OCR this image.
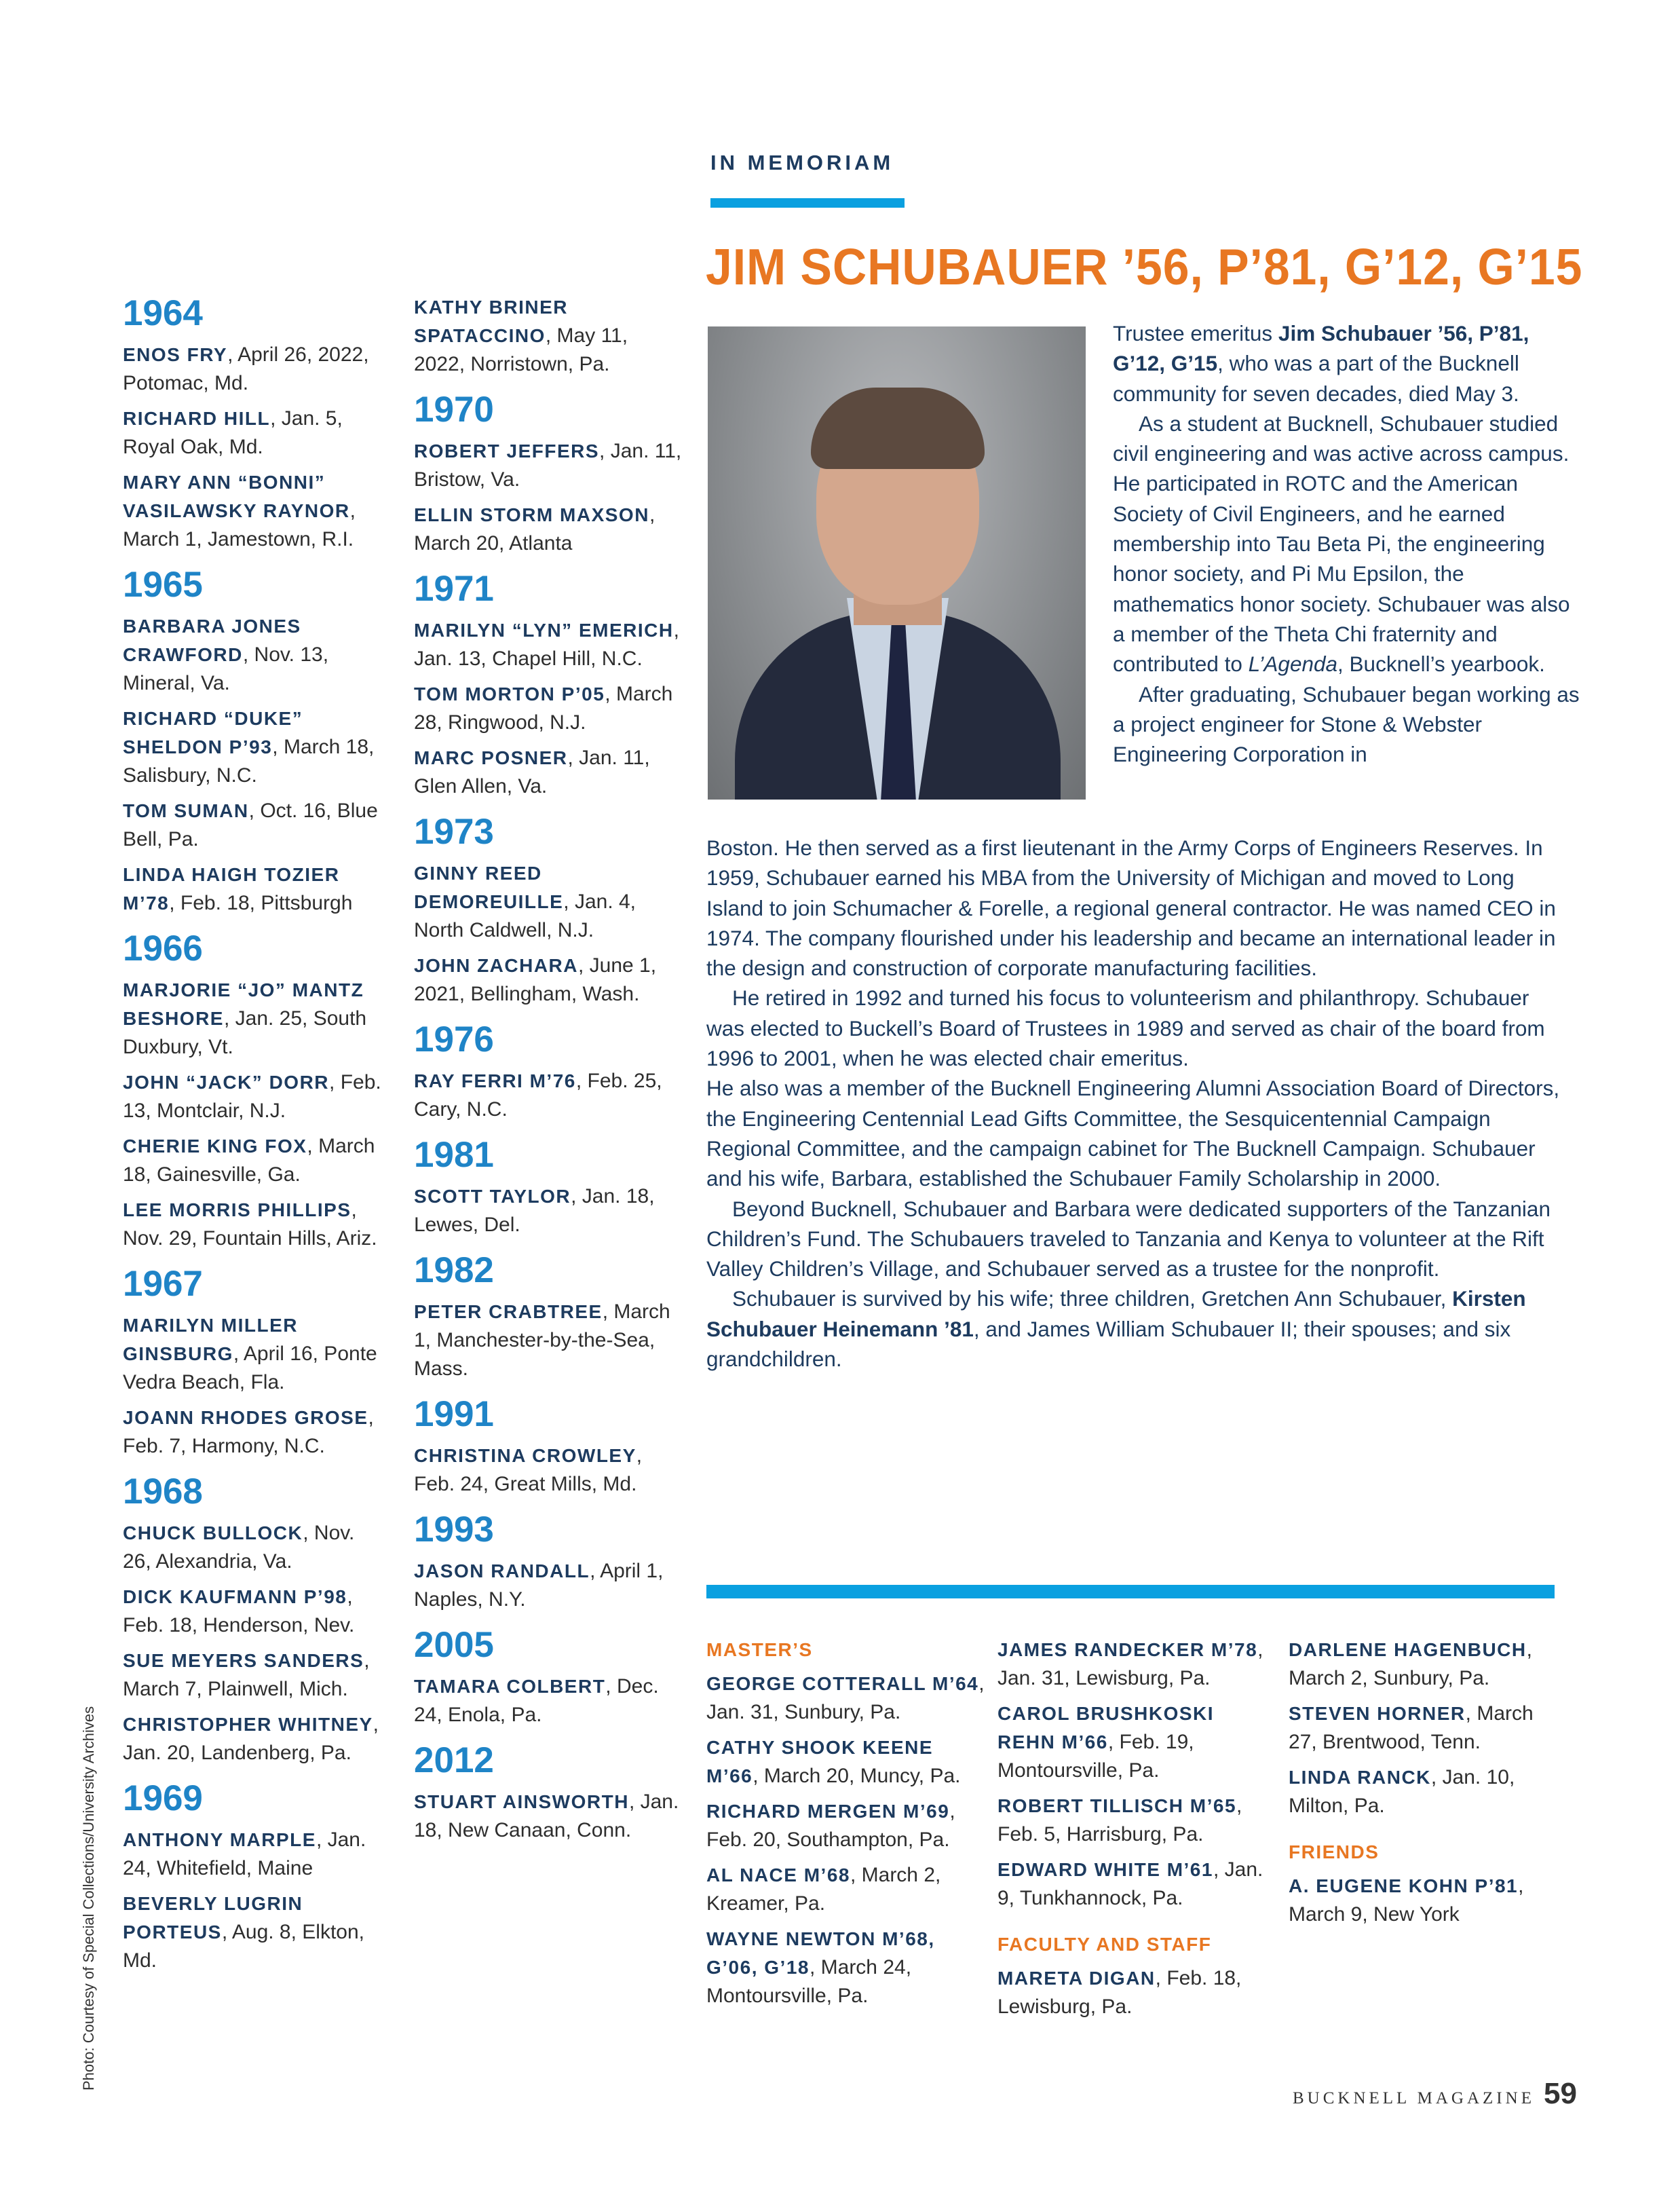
IN MEMORIAM
JIM SCHUBAUER ’56, P’81, G’12, G’15
1964
ENOS FRY, April 26, 2022, Potomac, Md.
RICHARD HILL, Jan. 5, Royal Oak, Md.
MARY ANN “BONNI” VASILAWSKY RAYNOR, March 1, Jamestown, R.I.
1965
BARBARA JONES CRAWFORD, Nov. 13, Mineral, Va.
RICHARD “DUKE” SHELDON P’93, March 18, Salisbury, N.C.
TOM SUMAN, Oct. 16, Blue Bell, Pa.
LINDA HAIGH TOZIER M’78, Feb. 18, Pittsburgh
1966
MARJORIE “JO” MANTZ BESHORE, Jan. 25, South Duxbury, Vt.
JOHN “JACK” DORR, Feb. 13, Montclair, N.J.
CHERIE KING FOX, March 18, Gainesville, Ga.
LEE MORRIS PHILLIPS, Nov. 29, Fountain Hills, Ariz.
1967
MARILYN MILLER GINSBURG, April 16, Ponte Vedra Beach, Fla.
JOANN RHODES GROSE, Feb. 7, Harmony, N.C.
1968
CHUCK BULLOCK, Nov. 26, Alexandria, Va.
DICK KAUFMANN P’98, Feb. 18, Henderson, Nev.
SUE MEYERS SANDERS, March 7, Plainwell, Mich.
CHRISTOPHER WHITNEY, Jan. 20, Landenberg, Pa.
1969
ANTHONY MARPLE, Jan. 24, Whitefield, Maine
BEVERLY LUGRIN PORTEUS, Aug. 8, Elkton, Md.
KATHY BRINER SPATACCINO, May 11, 2022, Norristown, Pa.
1970
ROBERT JEFFERS, Jan. 11, Bristow, Va.
ELLIN STORM MAXSON, March 20, Atlanta
1971
MARILYN “LYN” EMERICH, Jan. 13, Chapel Hill, N.C.
TOM MORTON P’05, March 28, Ringwood, N.J.
MARC POSNER, Jan. 11, Glen Allen, Va.
1973
GINNY REED DEMOREUILLE, Jan. 4, North Caldwell, N.J.
JOHN ZACHARA, June 1, 2021, Bellingham, Wash.
1976
RAY FERRI M’76, Feb. 25, Cary, N.C.
1981
SCOTT TAYLOR, Jan. 18, Lewes, Del.
1982
PETER CRABTREE, March 1, Manchester-by-the-Sea, Mass.
1991
CHRISTINA CROWLEY, Feb. 24, Great Mills, Md.
1993
JASON RANDALL, April 1, Naples, N.Y.
2005
TAMARA COLBERT, Dec. 24, Enola, Pa.
2012
STUART AINSWORTH, Jan. 18, New Canaan, Conn.

Trustee emeritus Jim Schubauer ’56, P’81, G’12, G’15, who was a part of the Bucknell community for seven decades, died May 3.

As a student at Bucknell, Schubauer studied civil engineering and was active across campus. He participated in ROTC and the American Society of Civil Engineers, and he earned membership into Tau Beta Pi, the engineering honor society, and Pi Mu Epsilon, the mathematics honor society. Schubauer was also a member of the Theta Chi fraternity and contributed to L’Agenda, Bucknell’s yearbook.

After graduating, Schubauer began working as a project engineer for Stone & Webster Engineering Corporation in

Boston. He then served as a first lieutenant in the Army Corps of Engineers Reserves. In 1959, Schubauer earned his MBA from the University of Michigan and moved to Long Island to join Schumacher & Forelle, a regional general contractor. He was named CEO in 1974. The company flourished under his leadership and became an international leader in the design and construction of corporate manufacturing facilities.

He retired in 1992 and turned his focus to volunteerism and philanthropy. Schubauer was elected to Buckell’s Board of Trustees in 1989 and served as chair of the board from 1996 to 2001, when he was elected chair emeritus.

He also was a member of the Bucknell Engineering Alumni Association Board of Directors, the Engineering Centennial Lead Gifts Committee, the Sesquicentennial Campaign Regional Committee, and the campaign cabinet for The Bucknell Campaign. Schubauer and his wife, Barbara, established the Schubauer Family Scholarship in 2000.

Beyond Bucknell, Schubauer and Barbara were dedicated supporters of the Tanzanian Children’s Fund. The Schubauers traveled to Tanzania and Kenya to volunteer at the Rift Valley Children’s Village, and Schubauer served as a trustee for the nonprofit.

Schubauer is survived by his wife; three children, Gretchen Ann Schubauer, Kirsten Schubauer Heinemann ’81, and James William Schubauer II; their spouses; and six grandchildren.

MASTER’S
GEORGE COTTERALL M’64, Jan. 31, Sunbury, Pa.
CATHY SHOOK KEENE M’66, March 20, Muncy, Pa.
RICHARD MERGEN M’69, Feb. 20, Southampton, Pa.
AL NACE M’68, March 2, Kreamer, Pa.
WAYNE NEWTON M’68, G’06, G’18, March 24, Montoursville, Pa.
JAMES RANDECKER M’78, Jan. 31, Lewisburg, Pa.
CAROL BRUSHKOSKI REHN M’66, Feb. 19, Montoursville, Pa.
ROBERT TILLISCH M’65, Feb. 5, Harrisburg, Pa.
EDWARD WHITE M’61, Jan. 9, Tunkhannock, Pa.
FACULTY AND STAFF
MARETA DIGAN, Feb. 18, Lewisburg, Pa.
DARLENE HAGENBUCH, March 2, Sunbury, Pa.
STEVEN HORNER, March 27, Brentwood, Tenn.
LINDA RANCK, Jan. 10, Milton, Pa.
FRIENDS
A. EUGENE KOHN P’81, March 9, New York
Photo: Courtesy of Special Collections/University Archives
BUCKNELL MAGAZINE 59
